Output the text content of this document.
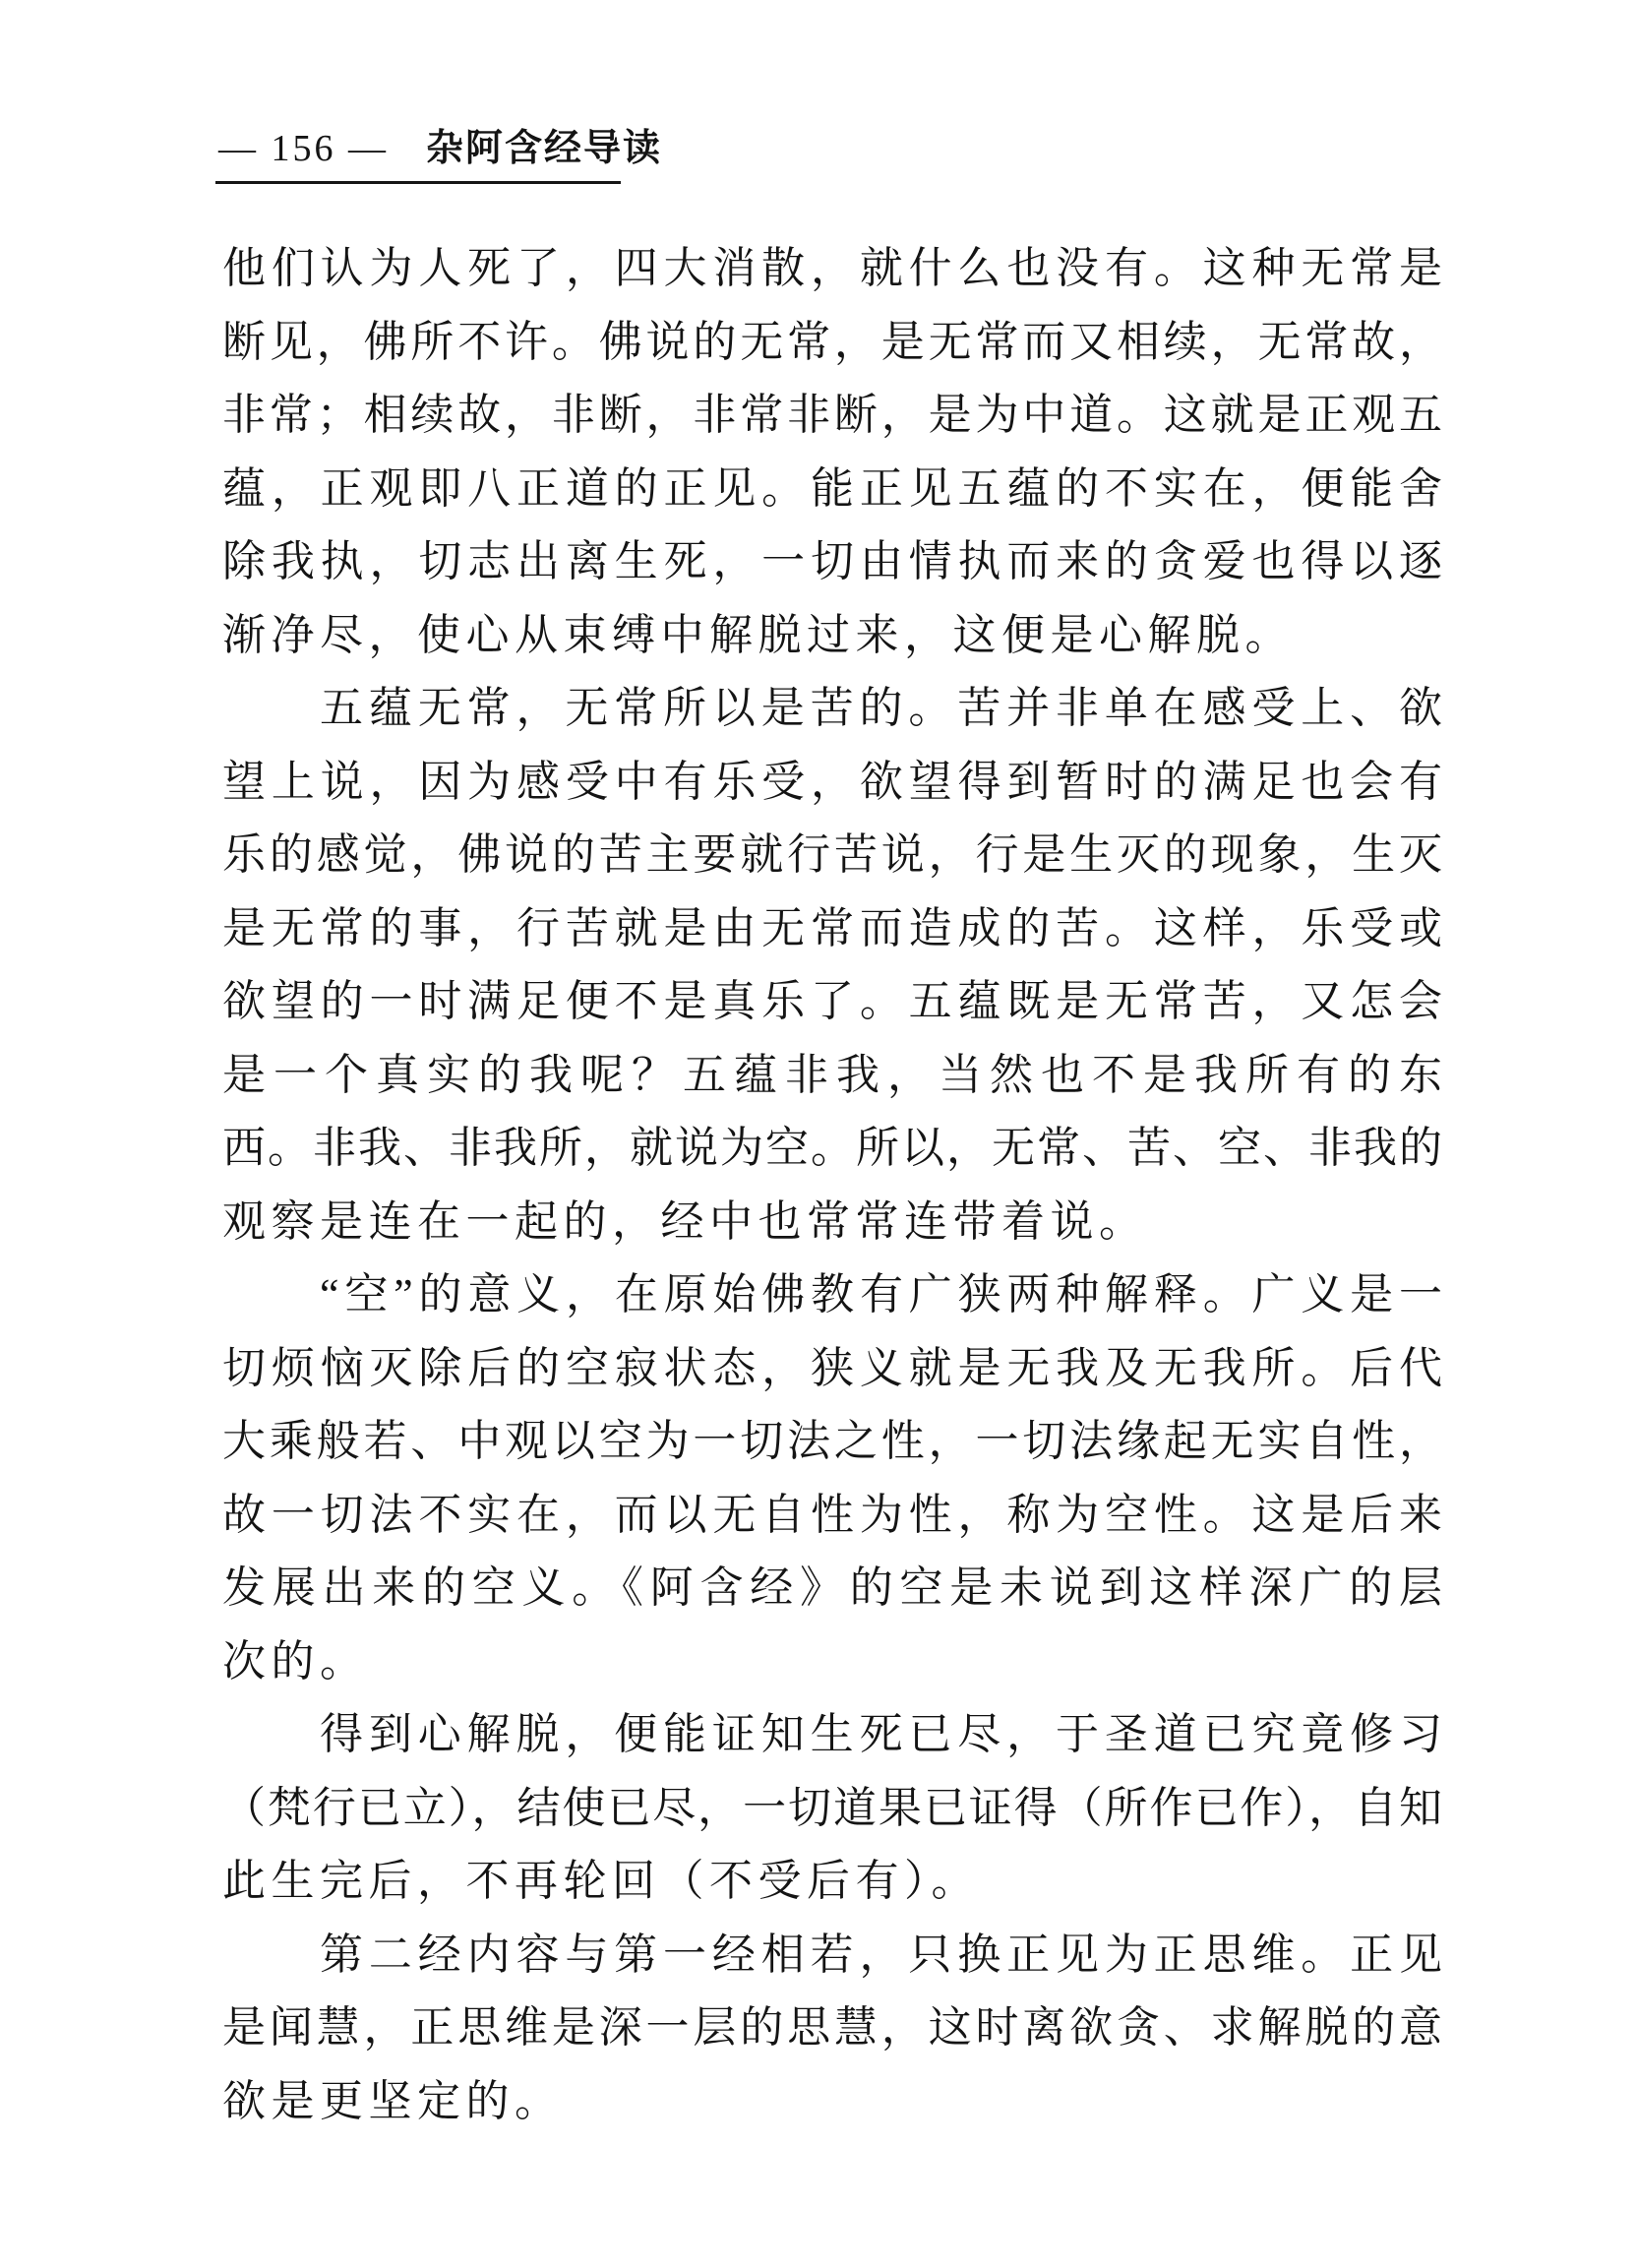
— 156 — 杂阿含经导读
他们认为人死了，四大消散，就什么也没有。这种无常是
断见，佛所不许。佛说的无常，是无常而又相续，无常故，
非常；相续故，非断，非常非断，是为中道。这就是正观五
蕴，正观即八正道的正见。能正见五蕴的不实在，便能舍
除我执，切志出离生死，一切由情执而来的贪爱也得以逐
渐净尽，使心从束缚中解脱过来，这便是心解脱。
五蕴无常，无常所以是苦的。苦并非单在感受上、欲
望上说，因为感受中有乐受，欲望得到暂时的满足也会有
乐的感觉，佛说的苦主要就行苦说，行是生灭的现象，生灭
是无常的事，行苦就是由无常而造成的苦。这样，乐受或
欲望的一时满足便不是真乐了。五蕴既是无常苦，又怎会
是一个真实的我呢？五蕴非我，当然也不是我所有的东
西。非我、非我所，就说为空。所以，无常、苦、空、非我的
观察是连在一起的，经中也常常连带着说。
“空”的意义，在原始佛教有广狭两种解释。广义是一
切烦恼灭除后的空寂状态，狭义就是无我及无我所。后代
大乘般若、中观以空为一切法之性，一切法缘起无实自性，
故一切法不实在，而以无自性为性，称为空性。这是后来
发展出来的空义。《阿含经》的空是未说到这样深广的层
次的。
得到心解脱，便能证知生死已尽，于圣道已究竟修习
（梵行已立），结使已尽，一切道果已证得（所作已作），自知
此生完后，不再轮回（不受后有）。
第二经内容与第一经相若，只换正见为正思维。正见
是闻慧，正思维是深一层的思慧，这时离欲贪、求解脱的意
欲是更坚定的。
